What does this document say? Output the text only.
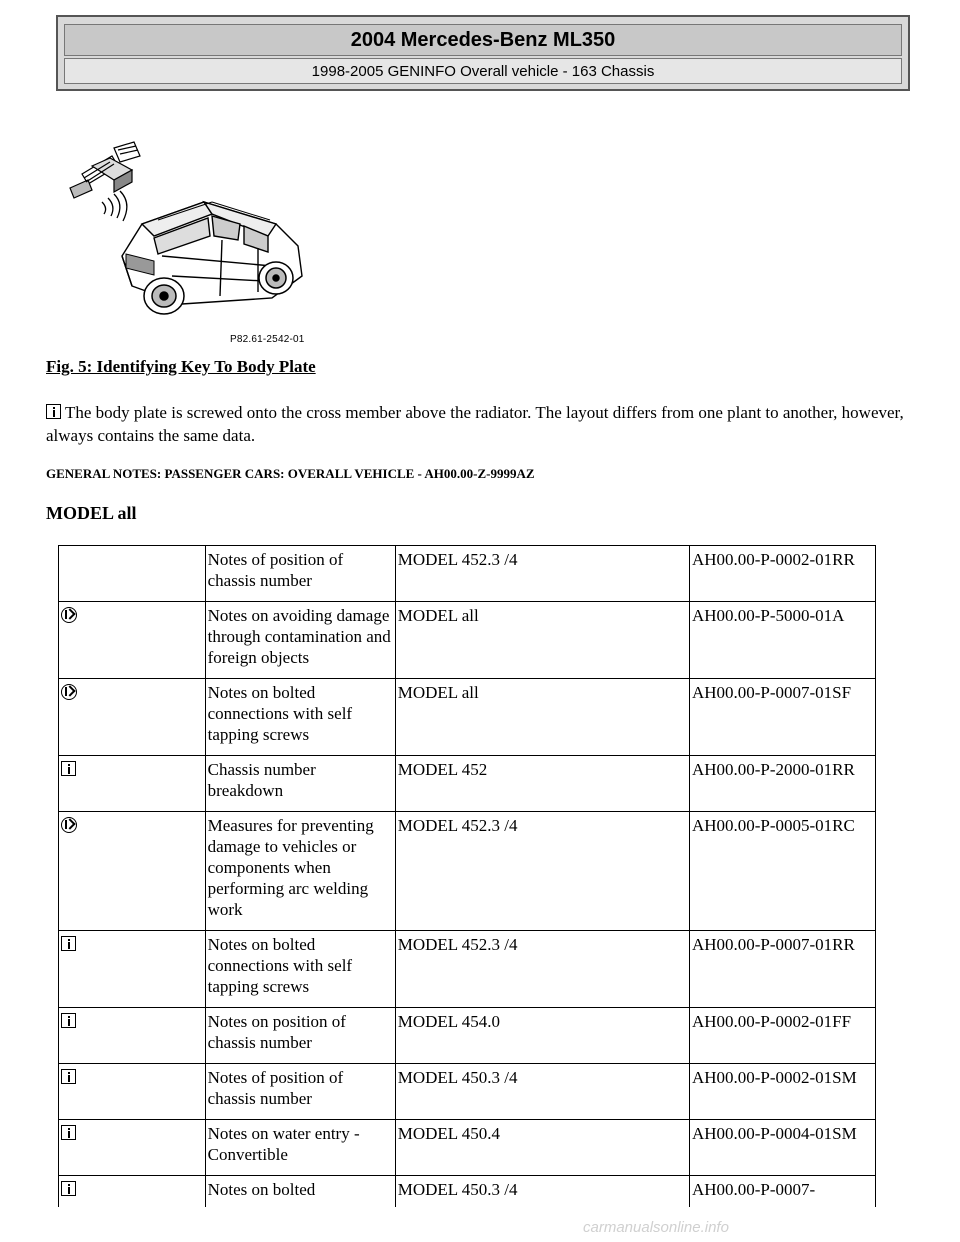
2004 Mercedes-Benz ML350
1998-2005 GENINFO Overall vehicle - 163 Chassis
P82.61-2542-01
Fig. 5: Identifying Key To Body Plate
The body plate is screwed onto the cross member above the radiator. The layout differs from one plant to another, however, always contains the same data.
GENERAL NOTES: PASSENGER CARS: OVERALL VEHICLE - AH00.00-Z-9999AZ
MODEL all
	Notes of position of chassis number	MODEL 452.3 /4	AH00.00-P-0002-01RR
	Notes on avoiding damage through contamination and foreign objects	MODEL all	AH00.00-P-5000-01A
	Notes on bolted connections with self tapping screws	MODEL all	AH00.00-P-0007-01SF
	Chassis number breakdown	MODEL 452	AH00.00-P-2000-01RR
	Measures for preventing damage to vehicles or components when performing arc welding work	MODEL 452.3 /4	AH00.00-P-0005-01RC
	Notes on bolted connections with self tapping screws	MODEL 452.3 /4	AH00.00-P-0007-01RR
	Notes on position of chassis number	MODEL 454.0	AH00.00-P-0002-01FF
	Notes of position of chassis number	MODEL 450.3 /4	AH00.00-P-0002-01SM
	Notes on water entry - Convertible	MODEL 450.4	AH00.00-P-0004-01SM
	Notes on bolted	MODEL 450.3 /4	AH00.00-P-0007-
carmanualsonline.info
